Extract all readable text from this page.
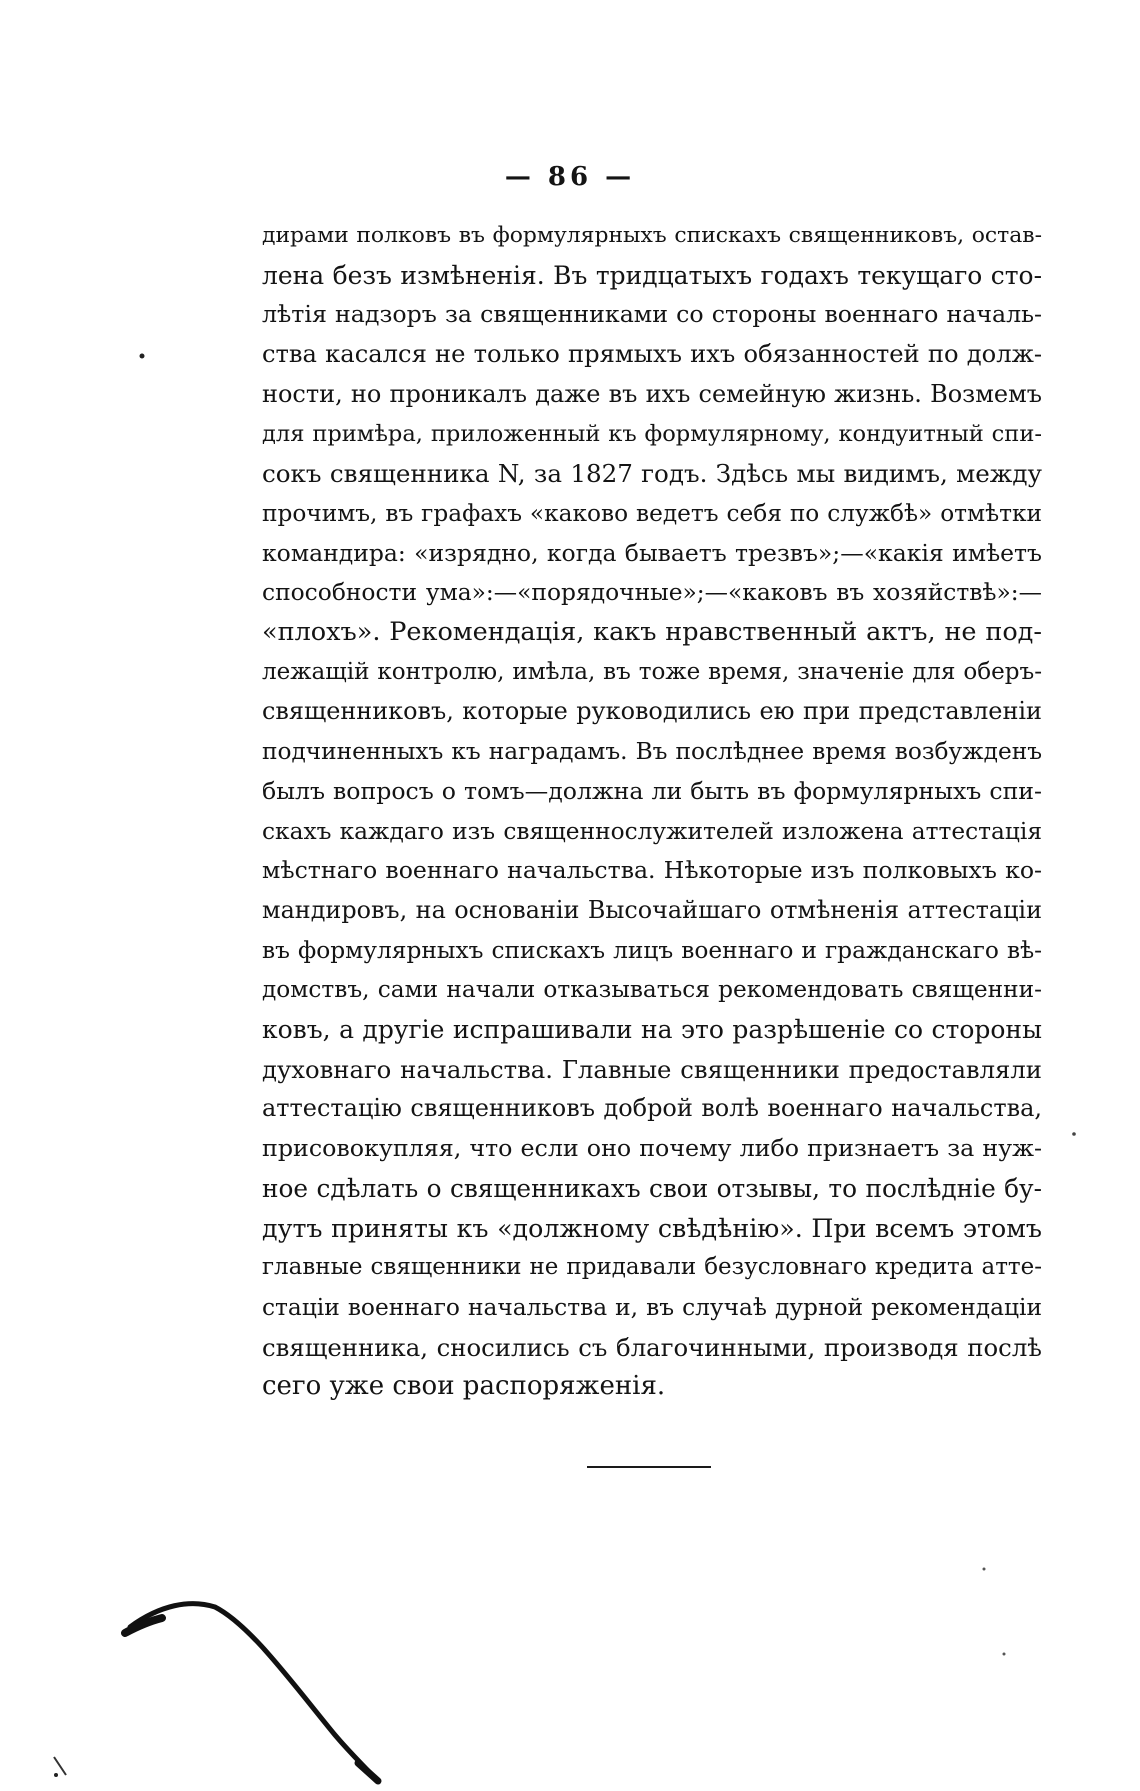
— 86 —
дирами полковъ въ формулярныхъ спискахъ священниковъ, остав-
лена безъ измѣненія. Въ тридцатыхъ годахъ текущаго сто-
лѣтія надзоръ за священниками со стороны военнаго началь-
ства касался не только прямыхъ ихъ обязанностей по долж-
ности, но проникалъ даже въ ихъ семейную жизнь. Возмемъ
для примѣра, приложенный къ формулярному, кондуитный спи-
сокъ священника N, за 1827 годъ. Здѣсь мы видимъ, между
прочимъ, въ графахъ «каково ведетъ себя по службѣ» отмѣтки
командира: «изрядно, когда бываетъ трезвъ»;—«какія имѣетъ
способности ума»:—«порядочные»;—«каковъ въ хозяйствѣ»:—
«плохъ». Рекомендація, какъ нравственный актъ, не под-
лежащій контролю, имѣла, въ тоже время, значеніе для оберъ-
священниковъ, которые руководились ею при представленіи
подчиненныхъ къ наградамъ. Въ послѣднее время возбужденъ
былъ вопросъ о томъ—должна ли быть въ формулярныхъ спи-
скахъ каждаго изъ священнослужителей изложена аттестація
мѣстнаго военнаго начальства. Нѣкоторые изъ полковыхъ ко-
мандировъ, на основаніи Высочайшаго отмѣненія аттестаціи
въ формулярныхъ спискахъ лицъ военнаго и гражданскаго вѣ-
домствъ, сами начали отказываться рекомендовать священни-
ковъ, а другіе испрашивали на это разрѣшеніе со стороны
духовнаго начальства. Главные священники предоставляли
аттестацію священниковъ доброй волѣ военнаго начальства,
присовокупляя, что если оно почему либо признаетъ за нуж-
ное сдѣлать о священникахъ свои отзывы, то послѣдніе бу-
дутъ приняты къ «должному свѣдѣнію». При всемъ этомъ
главные священники не придавали безусловнаго кредита атте-
стаціи военнаго начальства и, въ случаѣ дурной рекомендаціи
священника, сносились съ благочинными, производя послѣ
сего уже свои распоряженія.
